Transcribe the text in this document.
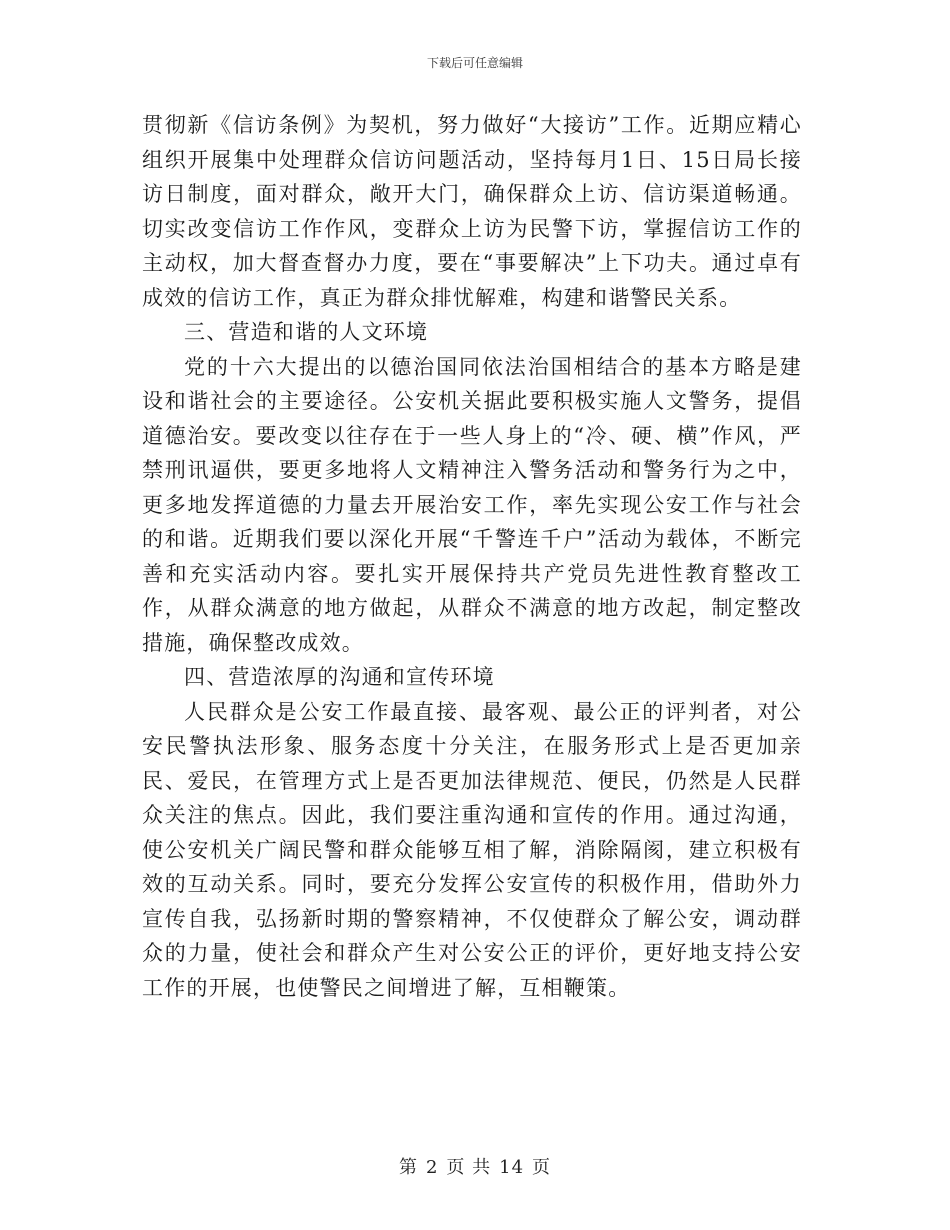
下载后可任意编辑

贯彻新《信访条例》为契机，努力做好“大接访”工作。近期应精心组织开展集中处理群众信访问题活动，坚持每月1日、15日局长接访日制度，面对群众，敞开大门，确保群众上访、信访渠道畅通。切实改变信访工作作风，变群众上访为民警下访，掌握信访工作的主动权，加大督查督办力度，要在“事要解决”上下功夫。通过卓有成效的信访工作，真正为群众排忧解难，构建和谐警民关系。

三、营造和谐的人文环境

党的十六大提出的以德治国同依法治国相结合的基本方略是建设和谐社会的主要途径。公安机关据此要积极实施人文警务，提倡道德治安。要改变以往存在于一些人身上的“冷、硬、横”作风，严禁刑讯逼供，要更多地将人文精神注入警务活动和警务行为之中，更多地发挥道德的力量去开展治安工作，率先实现公安工作与社会的和谐。近期我们要以深化开展“千警连千户”活动为载体，不断完善和充实活动内容。要扎实开展保持共产党员先进性教育整改工作，从群众满意的地方做起，从群众不满意的地方改起，制定整改措施，确保整改成效。

四、营造浓厚的沟通和宣传环境

人民群众是公安工作最直接、最客观、最公正的评判者，对公安民警执法形象、服务态度十分关注，在服务形式上是否更加亲民、爱民，在管理方式上是否更加法律规范、便民，仍然是人民群众关注的焦点。因此，我们要注重沟通和宣传的作用。通过沟通，使公安机关广阔民警和群众能够互相了解，消除隔阂，建立积极有效的互动关系。同时，要充分发挥公安宣传的积极作用，借助外力宣传自我，弘扬新时期的警察精神，不仅使群众了解公安，调动群众的力量，使社会和群众产生对公安公正的评价，更好地支持公安工作的开展，也使警民之间增进了解，互相鞭策。

第 2 页 共 14 页
